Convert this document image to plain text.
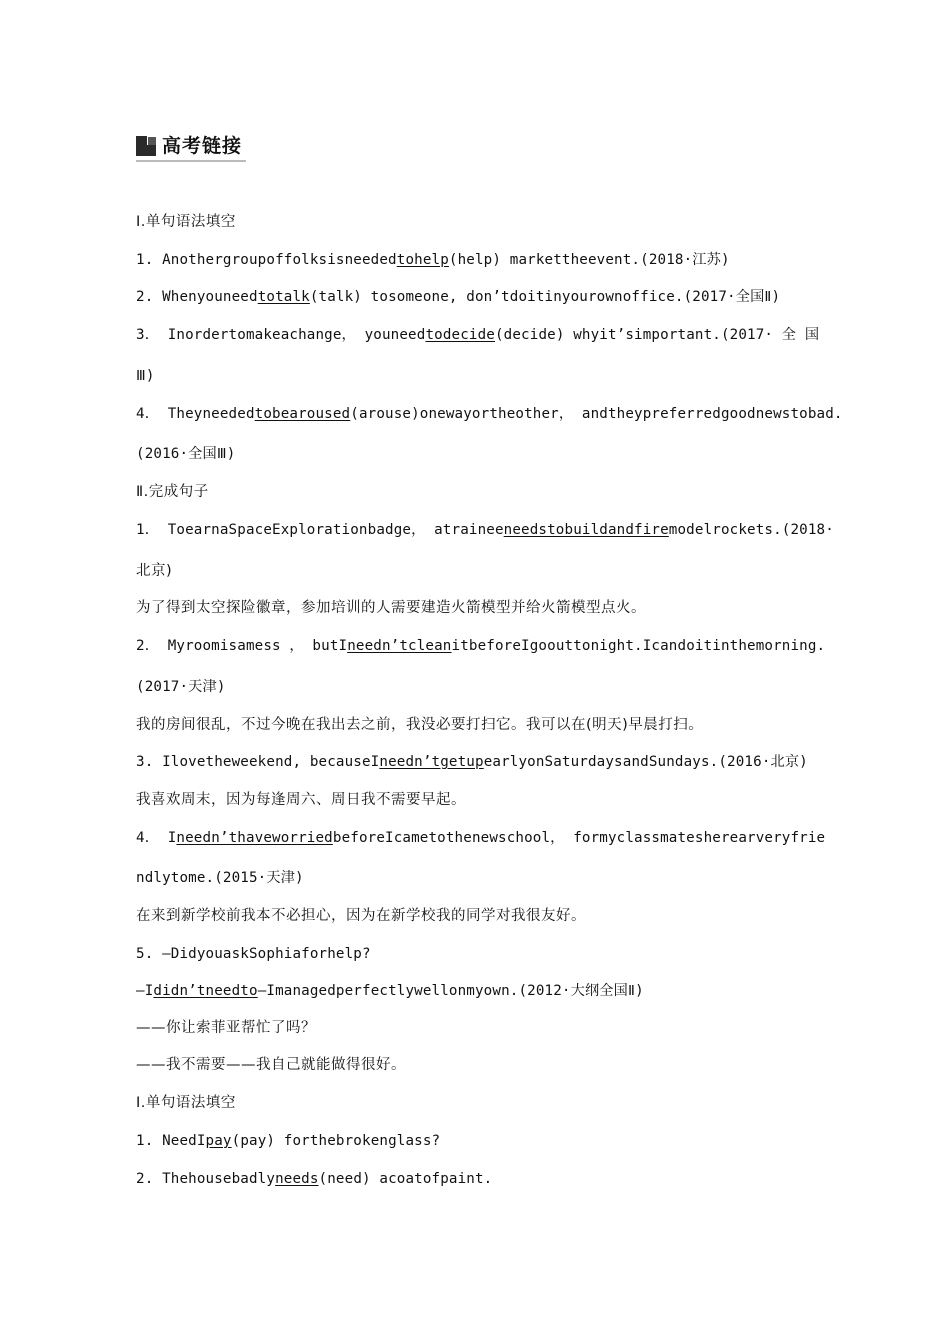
高考链接
Ⅰ.单句语法填空
1. Anothergroupoffolksisneededtohelp(help) markettheevent.(2018·江苏)
2. Whenyouneedtotalk(talk) tosomeone, don’tdoitinyourownoffice.(2017·全国Ⅱ)
3． Inordertomakeachange， youneedtodecide(decide) whyit’simportant.(2017· 全 国
Ⅲ)
4． Theyneededtobearoused(arouse)onewayortheother， andtheypreferredgoodnewstobad.
(2016·全国Ⅲ)
Ⅱ.完成句子
1． ToearnaSpaceExplorationbadge， atraineeneedstobuildandfiremodelrockets.(2018·
北京)
为了得到太空探险徽章，参加培训的人需要建造火箭模型并给火箭模型点火。
2． Myroomisamess ， butIneedn’tcleanitbeforeIgoouttonight.Icandoitinthemorning.
(2017·天津)
我的房间很乱，不过今晚在我出去之前，我没必要打扫它。我可以在(明天)早晨打扫。
3. Ilovetheweekend, becauseIneedn’tgetupearlyonSaturdaysandSundays.(2016·北京)
我喜欢周末，因为每逢周六、周日我不需要早起。
4． Ineedn’thaveworriedbeforeIcametothenewschool， formyclassmatesherearveryfrie
ndlytome.(2015·天津)
在来到新学校前我本不必担心，因为在新学校我的同学对我很友好。
5. —DidyouaskSophiaforhelp?
—Ididn’tneedto—Imanagedperfectlywellonmyown.(2012·大纲全国Ⅱ)
——你让索菲亚帮忙了吗？
——我不需要——我自己就能做得很好。
Ⅰ.单句语法填空
1. NeedIpay(pay) forthebrokenglass?
2. Thehousebadlyneeds(need) acoatofpaint.
